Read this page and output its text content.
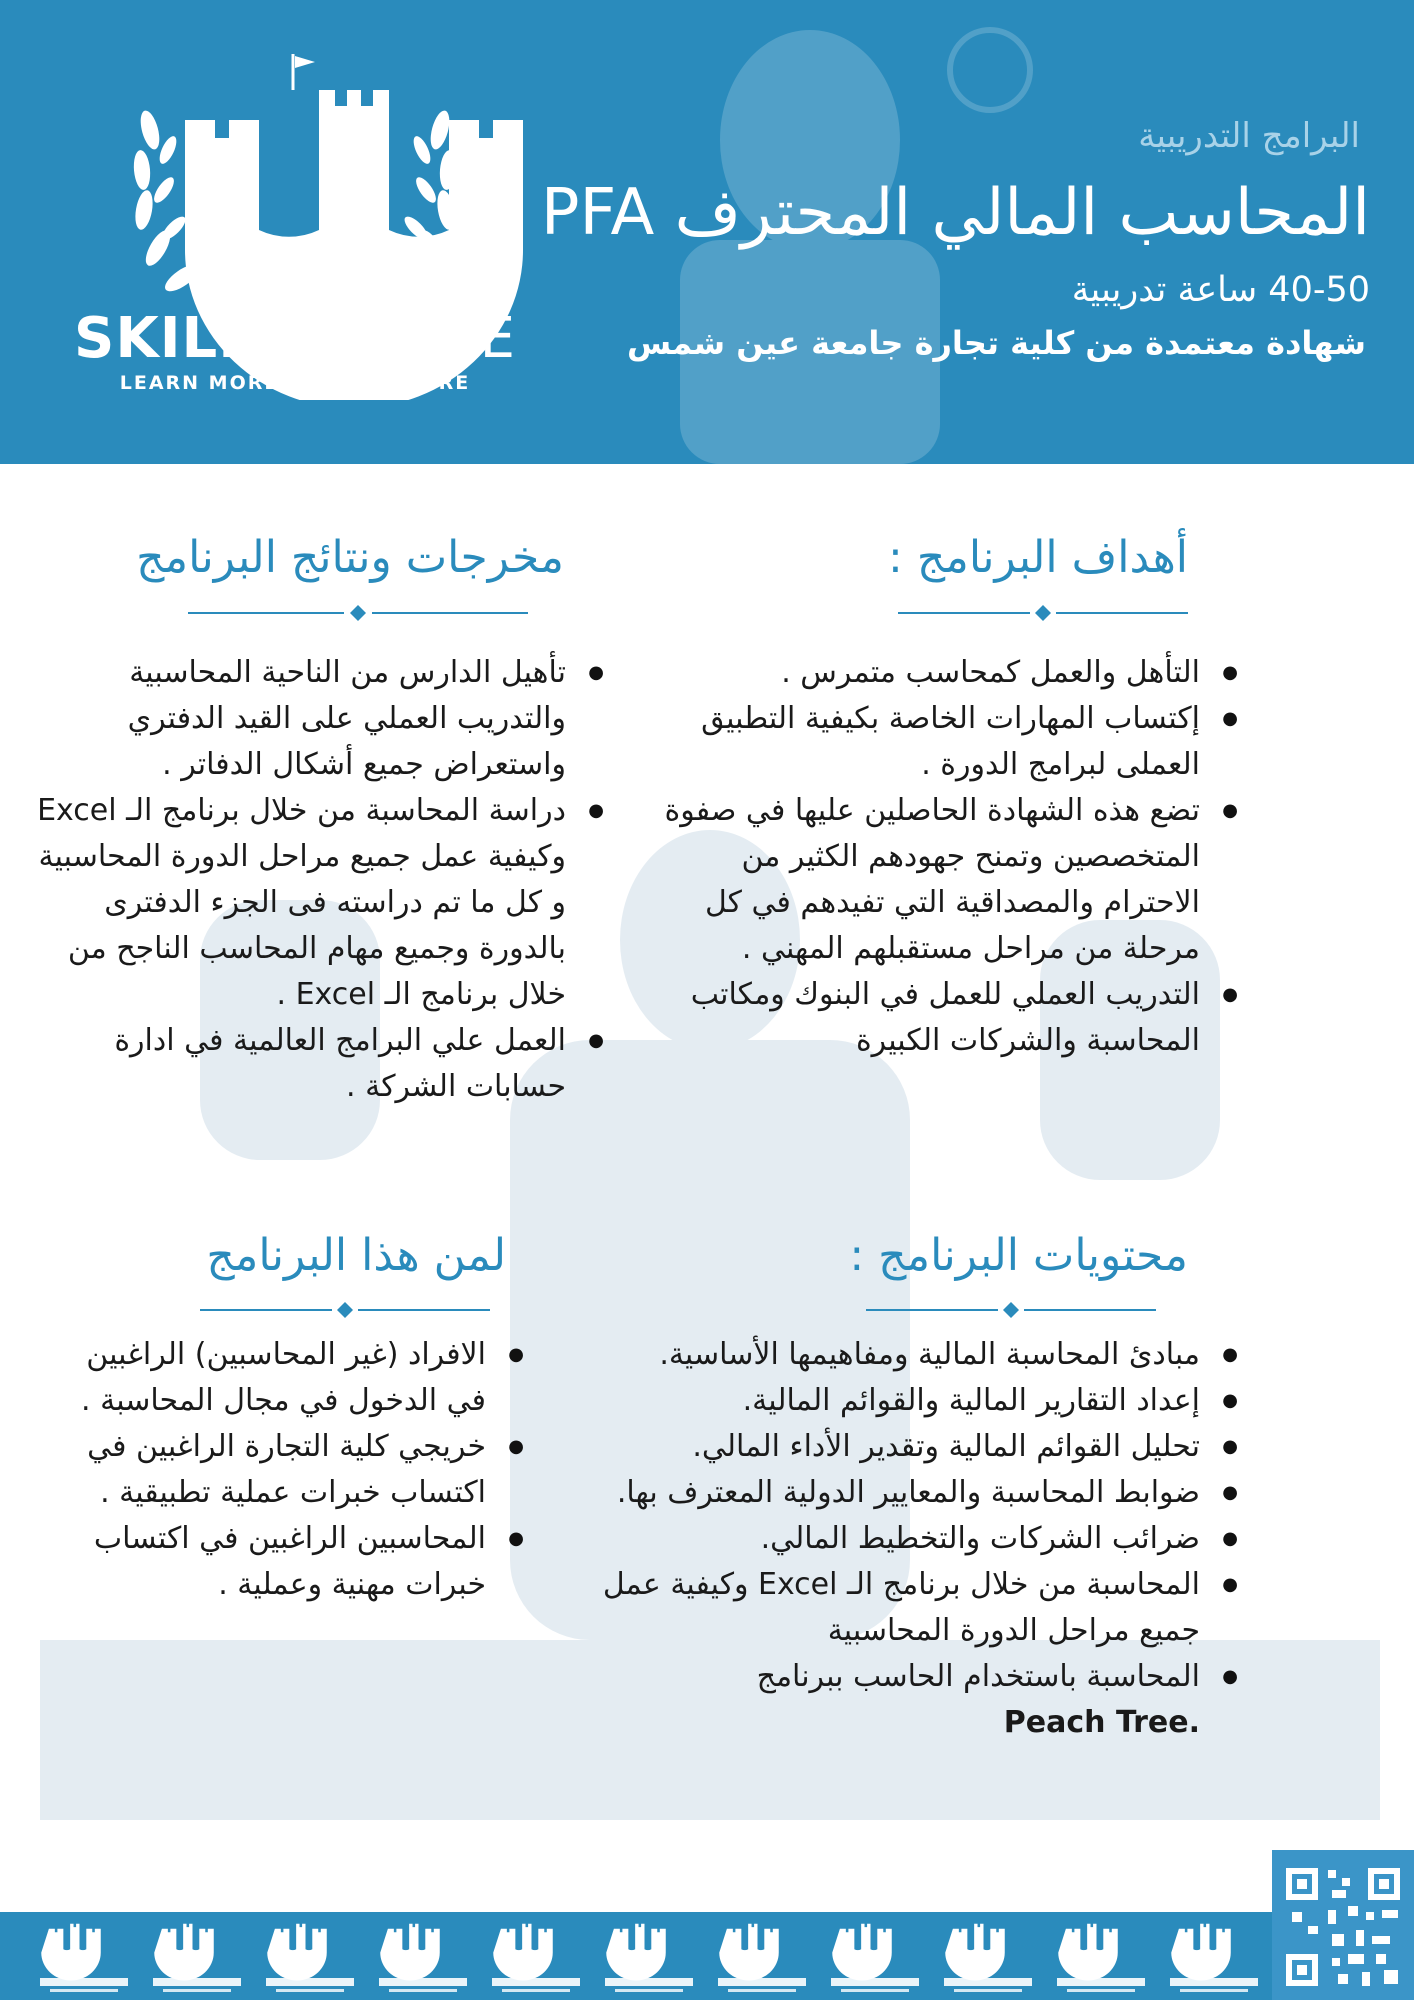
SKILLSCASTLE
LEARN MORE TO GAIN MORE
البرامج التدريبية
المحاسب المالي المحترف PFA
40-50 ساعة تدريبية
شهادة معتمدة من كلية تجارة جامعة عين شمس
أهداف البرنامج :
● التأهل والعمل كمحاسب متمرس .
● إكتساب المهارات الخاصة بكيفية التطبيق العملى لبرامج الدورة .
● تضع هذه الشهادة الحاصلين عليها في صفوة المتخصصين وتمنح جهودهم الكثير من الاحترام والمصداقية التي تفيدهم في كل مرحلة من مراحل مستقبلهم المهني .
● التدريب العملي للعمل في البنوك ومكاتب المحاسبة والشركات الكبيرة
مخرجات ونتائج البرنامج
● تأهيل الدارس من الناحية المحاسبية والتدريب العملي على القيد الدفتري واستعراض جميع أشكال الدفاتر .
● دراسة المحاسبة من خلال برنامج الـ Excel وكيفية عمل جميع مراحل الدورة المحاسبية و كل ما تم دراسته فى الجزء الدفترى بالدورة وجميع مهام المحاسب الناجح من خلال برنامج الـ Excel .
● العمل علي البرامج العالمية في ادارة حسابات الشركة .
محتويات البرنامج :
● مبادئ المحاسبة المالية ومفاهيمها الأساسية.
● إعداد التقارير المالية والقوائم المالية.
● تحليل القوائم المالية وتقدير الأداء المالي.
● ضوابط المحاسبة والمعايير الدولية المعترف بها.
● ضرائب الشركات والتخطيط المالي.
● المحاسبة من خلال برنامج الـ Excel وكيفية عمل جميع مراحل الدورة المحاسبية
● المحاسبة باستخدام الحاسب ببرنامج
Peach Tree.
لمن هذا البرنامج
● الافراد (غير المحاسبين) الراغبين في الدخول في مجال المحاسبة .
● خريجي كلية التجارة الراغبين في اكتساب خبرات عملية تطبيقية .
● المحاسبين الراغبين في اكتساب خبرات مهنية وعملية .
